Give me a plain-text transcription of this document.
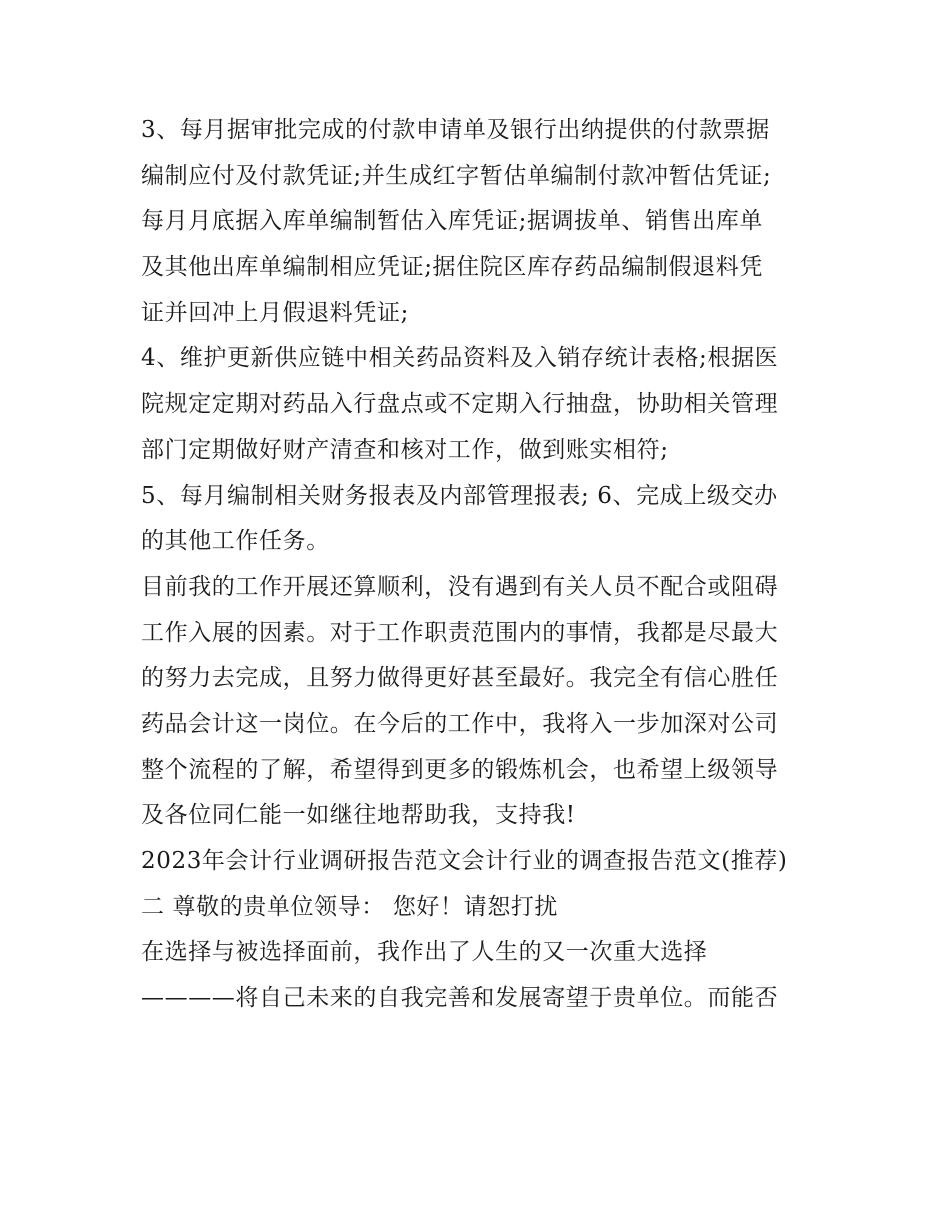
3、每月据审批完成的付款申请单及银行出纳提供的付款票据
编制应付及付款凭证;并生成红字暂估单编制付款冲暂估凭证;
每月月底据入库单编制暂估入库凭证;据调拔单、销售出库单
及其他出库单编制相应凭证;据住院区库存药品编制假退料凭
证并回冲上月假退料凭证;
4、维护更新供应链中相关药品资料及入销存统计表格;根据医
院规定定期对药品入行盘点或不定期入行抽盘，协助相关管理
部门定期做好财产清查和核对工作，做到账实相符;
5、每月编制相关财务报表及内部管理报表; 6、完成上级交办
的其他工作任务。
目前我的工作开展还算顺利，没有遇到有关人员不配合或阻碍
工作入展的因素。对于工作职责范围内的事情，我都是尽最大
的努力去完成，且努力做得更好甚至最好。我完全有信心胜任
药品会计这一岗位。在今后的工作中，我将入一步加深对公司
整个流程的了解，希望得到更多的锻炼机会，也希望上级领导
及各位同仁能一如继往地帮助我，支持我!
2023年会计行业调研报告范文会计行业的调查报告范文(推荐)
二 尊敬的贵单位领导： 您好！请恕打扰
在选择与被选择面前，我作出了人生的又一次重大选择
————将自己未来的自我完善和发展寄望于贵单位。而能否
